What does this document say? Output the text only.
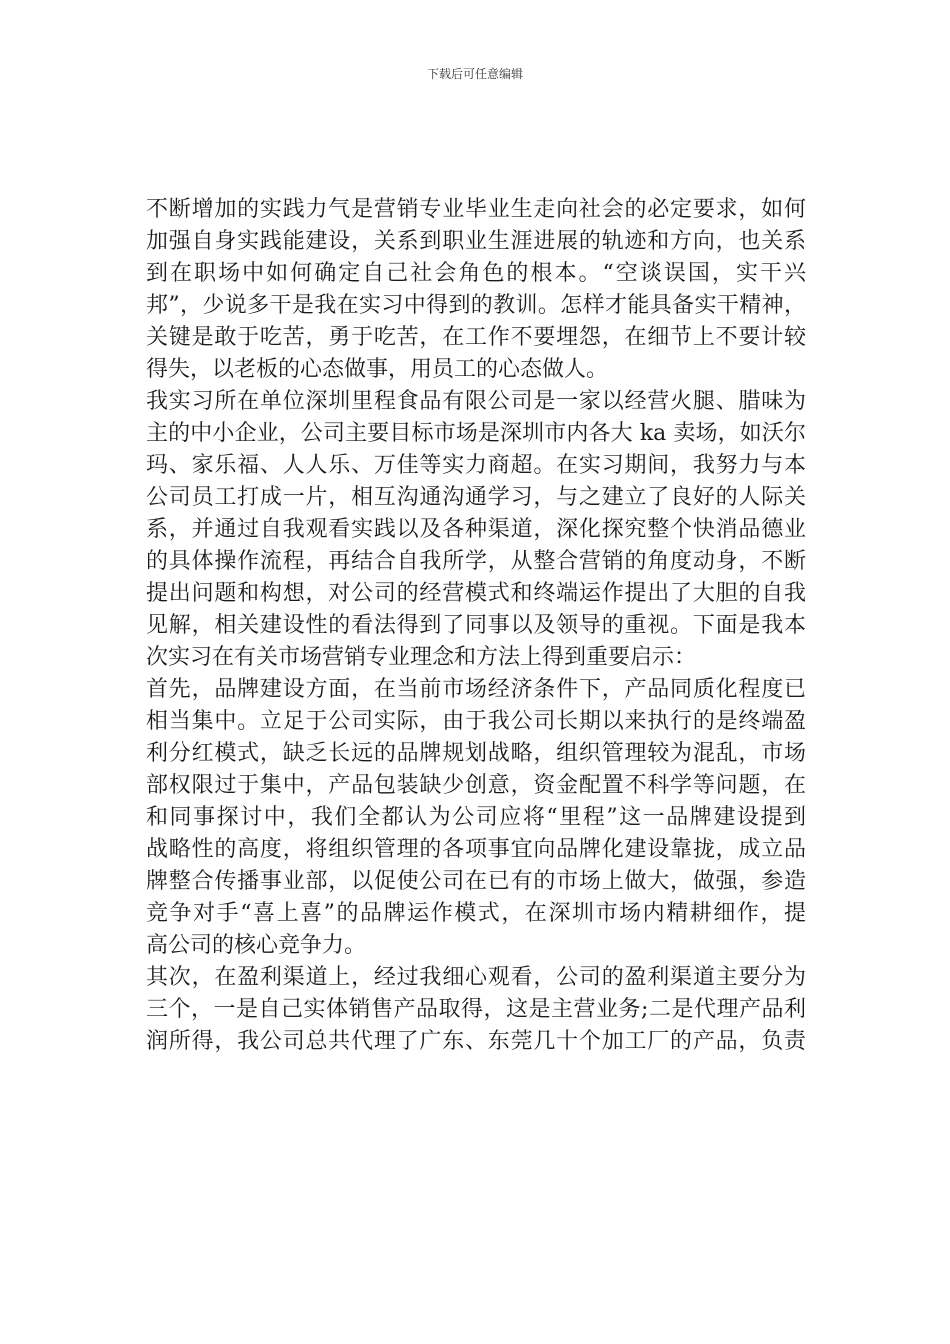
下载后可任意编辑

不断增加的实践力气是营销专业毕业生走向社会的必定要求，如何
加强自身实践能建设，关系到职业生涯进展的轨迹和方向，也关系
到在职场中如何确定自己社会角色的根本。“空谈误国，实干兴
邦”，少说多干是我在实习中得到的教训。怎样才能具备实干精神，
关键是敢于吃苦，勇于吃苦，在工作不要埋怨，在细节上不要计较
得失，以老板的心态做事，用员工的心态做人。

我实习所在单位深圳里程食品有限公司是一家以经营火腿、腊味为
主的中小企业，公司主要目标市场是深圳市内各大 ka 卖场，如沃尔
玛、家乐福、人人乐、万佳等实力商超。在实习期间，我努力与本
公司员工打成一片，相互沟通沟通学习，与之建立了良好的人际关
系，并通过自我观看实践以及各种渠道，深化探究整个快消品德业
的具体操作流程，再结合自我所学，从整合营销的角度动身，不断
提出问题和构想，对公司的经营模式和终端运作提出了大胆的自我
见解，相关建设性的看法得到了同事以及领导的重视。下面是我本
次实习在有关市场营销专业理念和方法上得到重要启示：

首先，品牌建设方面，在当前市场经济条件下，产品同质化程度已
相当集中。立足于公司实际，由于我公司长期以来执行的是终端盈
利分红模式，缺乏长远的品牌规划战略，组织管理较为混乱，市场
部权限过于集中，产品包装缺少创意，资金配置不科学等问题，在
和同事探讨中，我们全都认为公司应将“里程”这一品牌建设提到
战略性的高度，将组织管理的各项事宜向品牌化建设靠拢，成立品
牌整合传播事业部，以促使公司在已有的市场上做大，做强，参造
竞争对手“喜上喜”的品牌运作模式，在深圳市场内精耕细作，提
高公司的核心竞争力。

其次，在盈利渠道上，经过我细心观看，公司的盈利渠道主要分为
三个，一是自己实体销售产品取得，这是主营业务;二是代理产品利
润所得，我公司总共代理了广东、东莞几十个加工厂的产品，负责
